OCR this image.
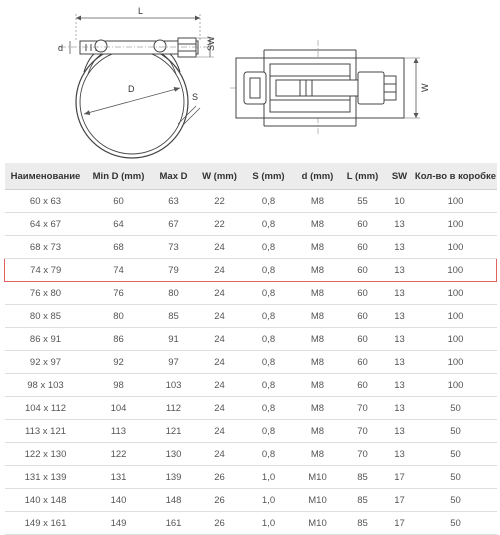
L
d	SW
D
S
W
Наименование	Min D (mm)	Max D	W (mm)	S (mm)	d (mm)	L (mm)	SW	Кол-во в коробке
60 x 63	60	63	22	0,8	M8	55	10	100
64 x 67	64	67	22	0,8	M8	60	13	100
68 x 73	68	73	24	0,8	M8	60	13	100
74 x 79	74	79	24	0,8	M8	60	13	100
76 x 80	76	80	24	0,8	M8	60	13	100
80 x 85	80	85	24	0,8	M8	60	13	100
86 x 91	86	91	24	0,8	M8	60	13	100
92 x 97	92	97	24	0,8	M8	60	13	100
98 x 103	98	103	24	0,8	M8	60	13	100
104 x 112	104	112	24	0,8	M8	70	13	50
113 x 121	113	121	24	0,8	M8	70	13	50
122 x 130	122	130	24	0,8	M8	70	13	50
131 x 139	131	139	26	1,0	M10	85	17	50
140 x 148	140	148	26	1,0	M10	85	17	50
149 x 161	149	161	26	1,0	M10	85	17	50
